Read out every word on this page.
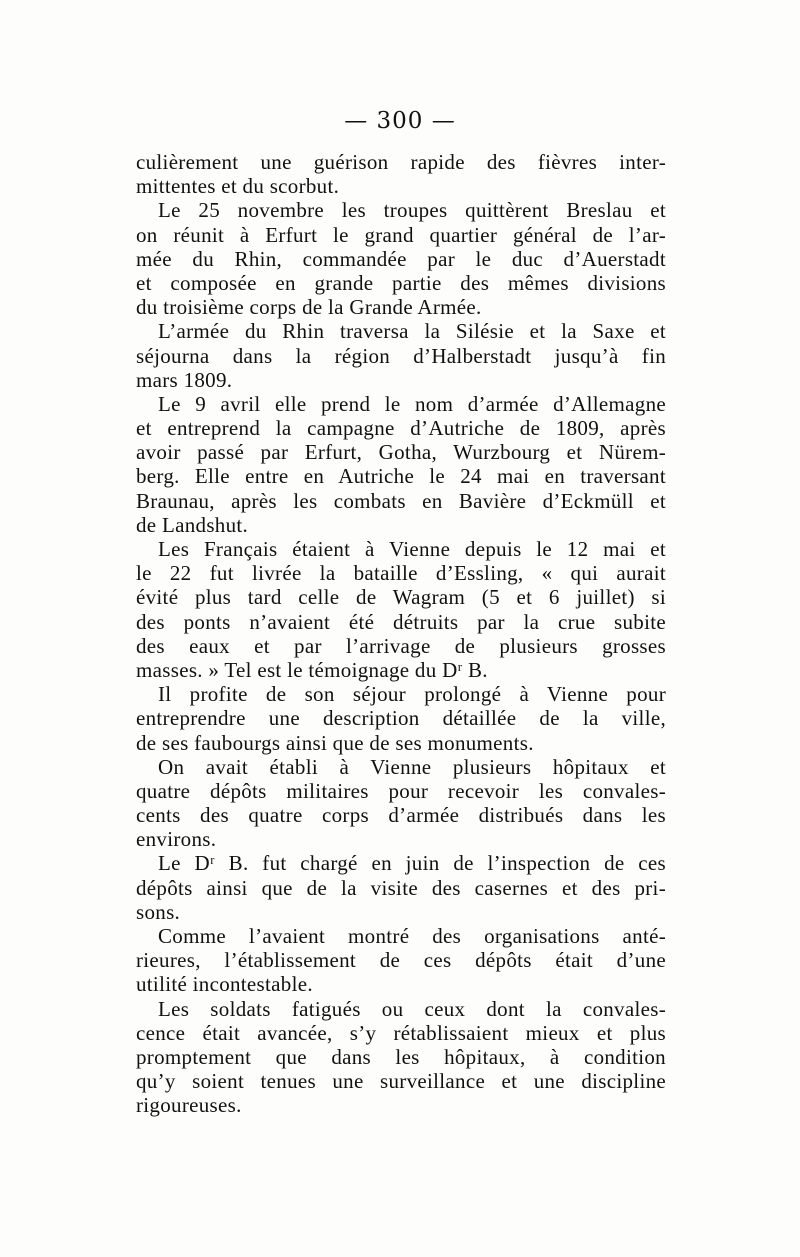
— 300 —
culièrement une guérison rapide des fièvres inter-
mittentes et du scorbut.
Le 25 novembre les troupes quittèrent Breslau et
on réunit à Erfurt le grand quartier général de l’ar-
mée du Rhin, commandée par le duc d’Auerstadt
et composée en grande partie des mêmes divisions
du troisième corps de la Grande Armée.
L’armée du Rhin traversa la Silésie et la Saxe et
séjourna dans la région d’Halberstadt jusqu’à fin
mars 1809.
Le 9 avril elle prend le nom d’armée d’Allemagne
et entreprend la campagne d’Autriche de 1809, après
avoir passé par Erfurt, Gotha, Wurzbourg et Nürem-
berg. Elle entre en Autriche le 24 mai en traversant
Braunau, après les combats en Bavière d’Eckmüll et
de Landshut.
Les Français étaient à Vienne depuis le 12 mai et
le 22 fut livrée la bataille d’Essling, « qui aurait
évité plus tard celle de Wagram (5 et 6 juillet) si
des ponts n’avaient été détruits par la crue subite
des eaux et par l’arrivage de plusieurs grosses
masses. » Tel est le témoignage du Dʳ B.
Il profite de son séjour prolongé à Vienne pour
entreprendre une description détaillée de la ville,
de ses faubourgs ainsi que de ses monuments.
On avait établi à Vienne plusieurs hôpitaux et
quatre dépôts militaires pour recevoir les convales-
cents des quatre corps d’armée distribués dans les
environs.
Le Dʳ B. fut chargé en juin de l’inspection de ces
dépôts ainsi que de la visite des casernes et des pri-
sons.
Comme l’avaient montré des organisations anté-
rieures, l’établissement de ces dépôts était d’une
utilité incontestable.
Les soldats fatigués ou ceux dont la convales-
cence était avancée, s’y rétablissaient mieux et plus
promptement que dans les hôpitaux, à condition
qu’y soient tenues une surveillance et une discipline
rigoureuses.
